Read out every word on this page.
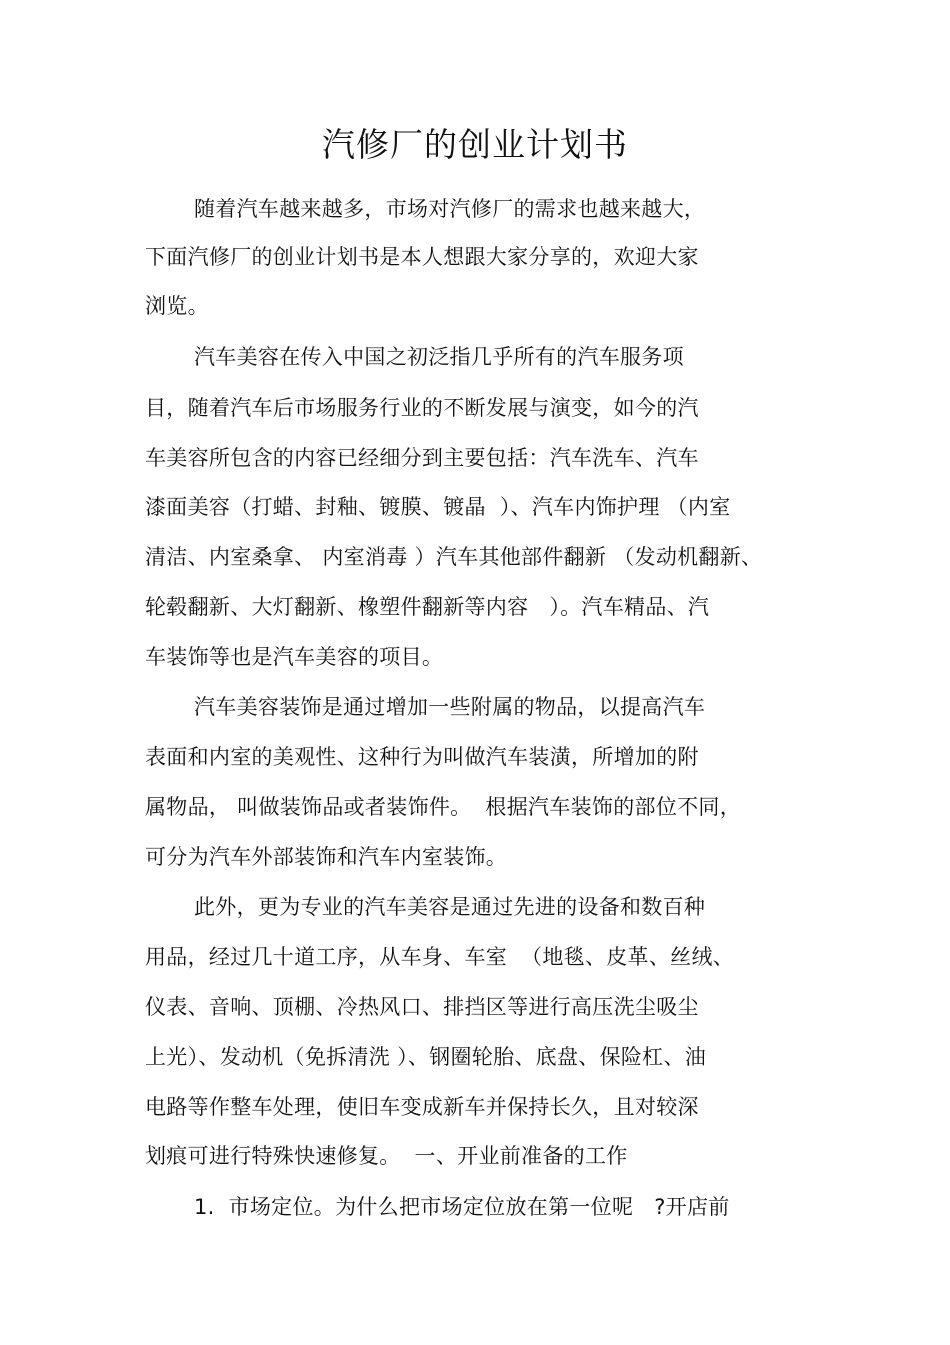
汽修厂的创业计划书
随着汽车越来越多，市场对汽修厂的需求也越来越大，
下面汽修厂的创业计划书是本人想跟大家分享的，欢迎大家
浏览。
汽车美容在传入中国之初泛指几乎所有的汽车服务项
目，随着汽车后市场服务行业的不断发展与演变，如今的汽
车美容所包含的内容已经细分到主要包括：汽车洗车、汽车
漆面美容（打蜡、封釉、镀膜、镀晶  ）、汽车内饰护理 （内室
清洁、内室桑拿、 内室消毒 ）汽车其他部件翻新 （发动机翻新、
轮毂翻新、大灯翻新、橡塑件翻新等内容   ）。汽车精品、汽
车装饰等也是汽车美容的项目。
汽车美容装饰是通过增加一些附属的物品，以提高汽车
表面和内室的美观性、这种行为叫做汽车装潢，所增加的附
属物品， 叫做装饰品或者装饰件。  根据汽车装饰的部位不同，
可分为汽车外部装饰和汽车内室装饰。
此外，更为专业的汽车美容是通过先进的设备和数百种
用品，经过几十道工序，从车身、车室  （地毯、皮革、丝绒、
仪表、音响、顶棚、冷热风口、排挡区等进行高压洗尘吸尘
上光）、发动机（免拆清洗 ）、钢圈轮胎、底盘、保险杠、油
电路等作整车处理，使旧车变成新车并保持长久，且对较深
划痕可进行特殊快速修复。  一、开业前准备的工作
1.  市场定位。为什么把市场定位放在第一位呢   ?开店前
